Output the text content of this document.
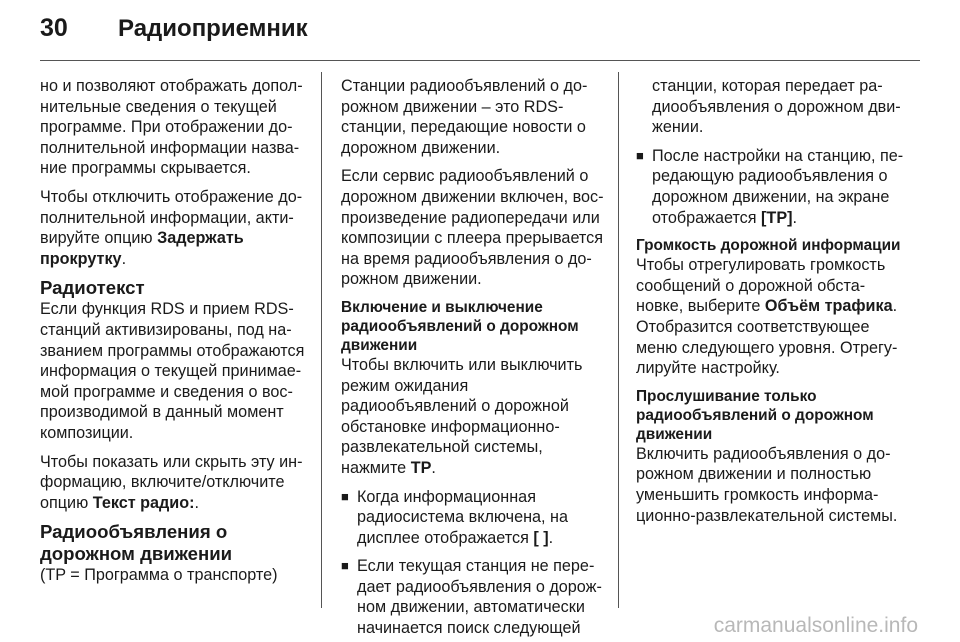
30	Радиоприемник

но и позволяют отображать дополнительные сведения о текущей программе. При отображении дополнительной информации название программы скрывается.

Чтобы отключить отображение дополнительной информации, активируйте опцию Задержать прокрутку.

Радиотекст

Если функция RDS и прием RDS-станций активизированы, под названием программы отображаются информация о текущей принимаемой программе и сведения о воспроизводимой в данный момент композиции.

Чтобы показать или скрыть эту информацию, включите/отключите опцию Текст радио:.

Радиообъявления о дорожном движении

(TP = Программа о транспорте)

Станции радиообъявлений о дорожном движении – это RDS-станции, передающие новости о дорожном движении.

Если сервис радиообъявлений о дорожном движении включен, воспроизведение радиопередачи или композиции с плеера прерывается на время радиообъявления о дорожном движении.

Включение и выключение радиообъявлений о дорожном движении

Чтобы включить или выключить режим ожидания радиообъявлений о дорожной обстановке информационно-развлекательной системы, нажмите TP.

■ Когда информационная радиосистема включена, на дисплее отображается [ ].
■ Если текущая станция не передает радиообъявления о дорожном движении, автоматически начинается поиск следующей

станции, которая передает радиообъявления о дорожном движении.

■ После настройки на станцию, передающую радиообъявления о дорожном движении, на экране отображается [TP].
Громкость дорожной информации

Чтобы отрегулировать громкость сообщений о дорожной обстановке, выберите Объём трафика. Отобразится соответствующее меню следующего уровня. Отрегулируйте настройку.

Прослушивание только радиообъявлений о дорожном движении

Включить радиообъявления о дорожном движении и полностью уменьшить громкость информационно-развлекательной системы.

carmanualsonline.info
